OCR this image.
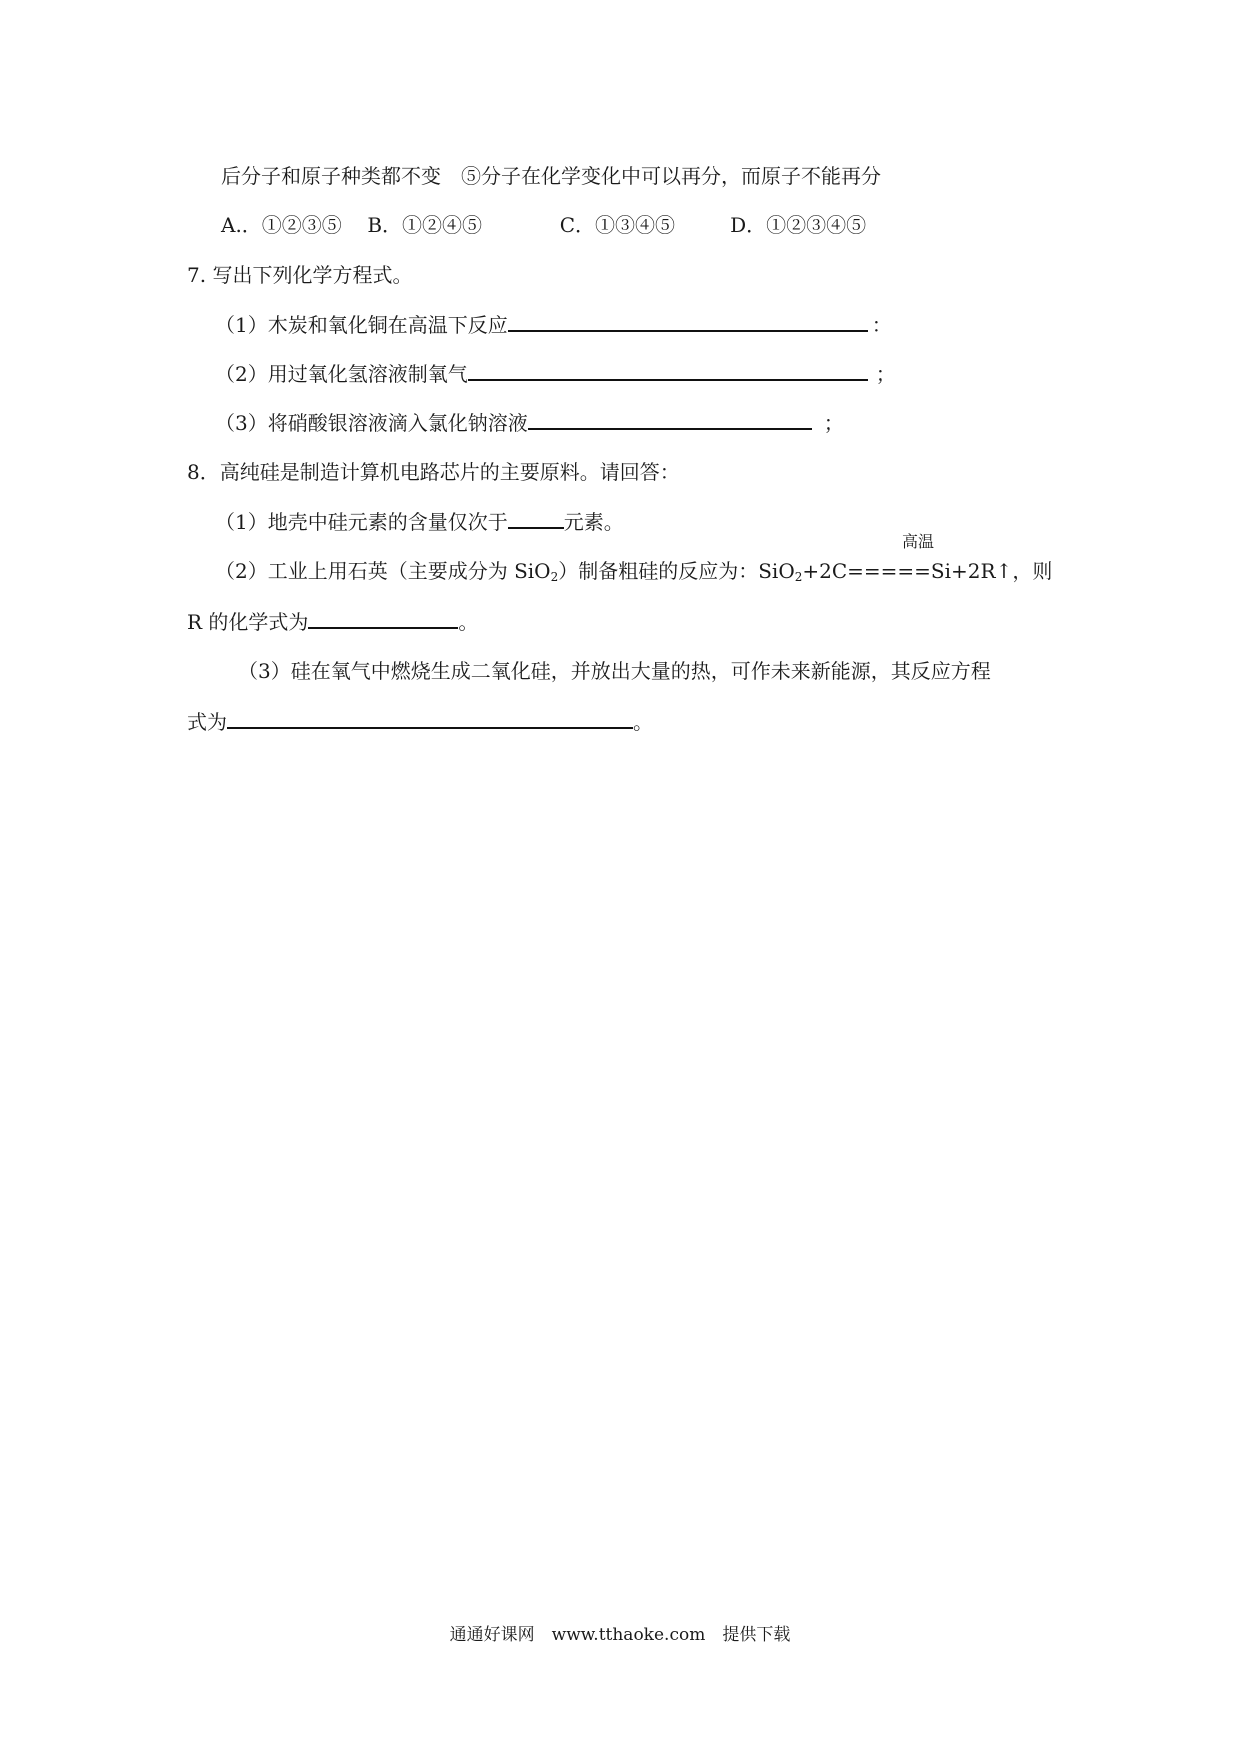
后分子和原子种类都不变　⑤分子在化学变化中可以再分，而原子不能再分
A.．①②③⑤ B．①②④⑤	C．①③④⑤	D．①②③④⑤
7. 写出下列化学方程式。
（1）木炭和氧化铜在高温下反应	：
（2）用过氧化氢溶液制氧气	；
（3）将硝酸银溶液滴入氯化钠溶液	；
8．高纯硅是制造计算机电路芯片的主要原料。请回答：
（1）地壳中硅元素的含量仅次于	元素。
高温
（2）工业上用石英（主要成分为 SiO$_2$）制备粗硅的反应为：SiO$_2$+2C=====Si+2R↑，则
R 的化学式为	。
（3）硅在氧气中燃烧生成二氧化硅，并放出大量的热，可作未来新能源，其反应方程
式为	。
通通好课网　www.tthaoke.com　提供下载
